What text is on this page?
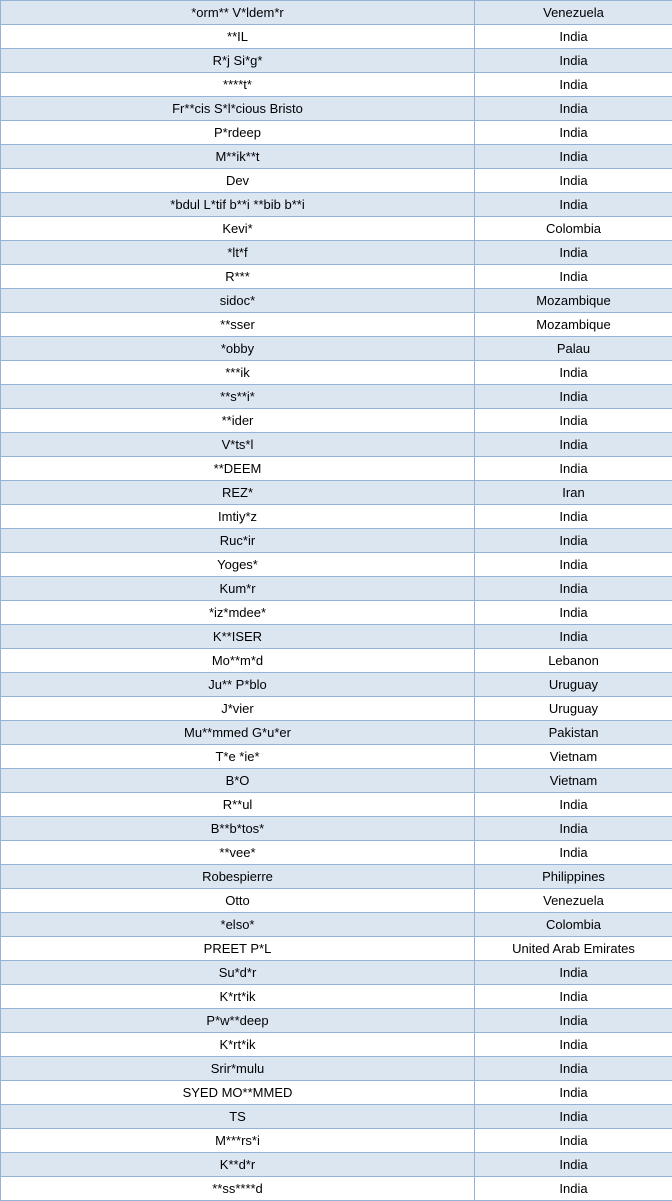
*orm** V*ldem*r	Venezuela
**IL	India
R*j Si*g*	India
****t*	India
Fr**cis S*l*cious Bristo	India
P*rdeep	India
M**ik**t	India
Dev	India
*bdul L*tif b**i **bib b**i	India
Kevi*	Colombia
*lt*f	India
R***	India
sidoc*	Mozambique
**sser	Mozambique
*obby	Palau
***ik	India
**s**i*	India
**ider	India
V*ts*l	India
**DEEM	India
REZ*	Iran
Imtiy*z	India
Ruc*ir	India
Yoges*	India
Kum*r	India
*iz*mdee*	India
K**ISER	India
Mo**m*d	Lebanon
Ju** P*blo	Uruguay
J*vier	Uruguay
Mu**mmed G*u*er	Pakistan
T*e *ie*	Vietnam
B*O	Vietnam
R**ul	India
B**b*tos*	India
**vee*	India
Robespierre	Philippines
Otto	Venezuela
*elso*	Colombia
PREET P*L	United Arab Emirates
Su*d*r	India
K*rt*ik	India
P*w**deep	India
K*rt*ik	India
Srir*mulu	India
SYED MO**MMED	India
TS	India
M***rs*i	India
K**d*r	India
**ss****d	India
